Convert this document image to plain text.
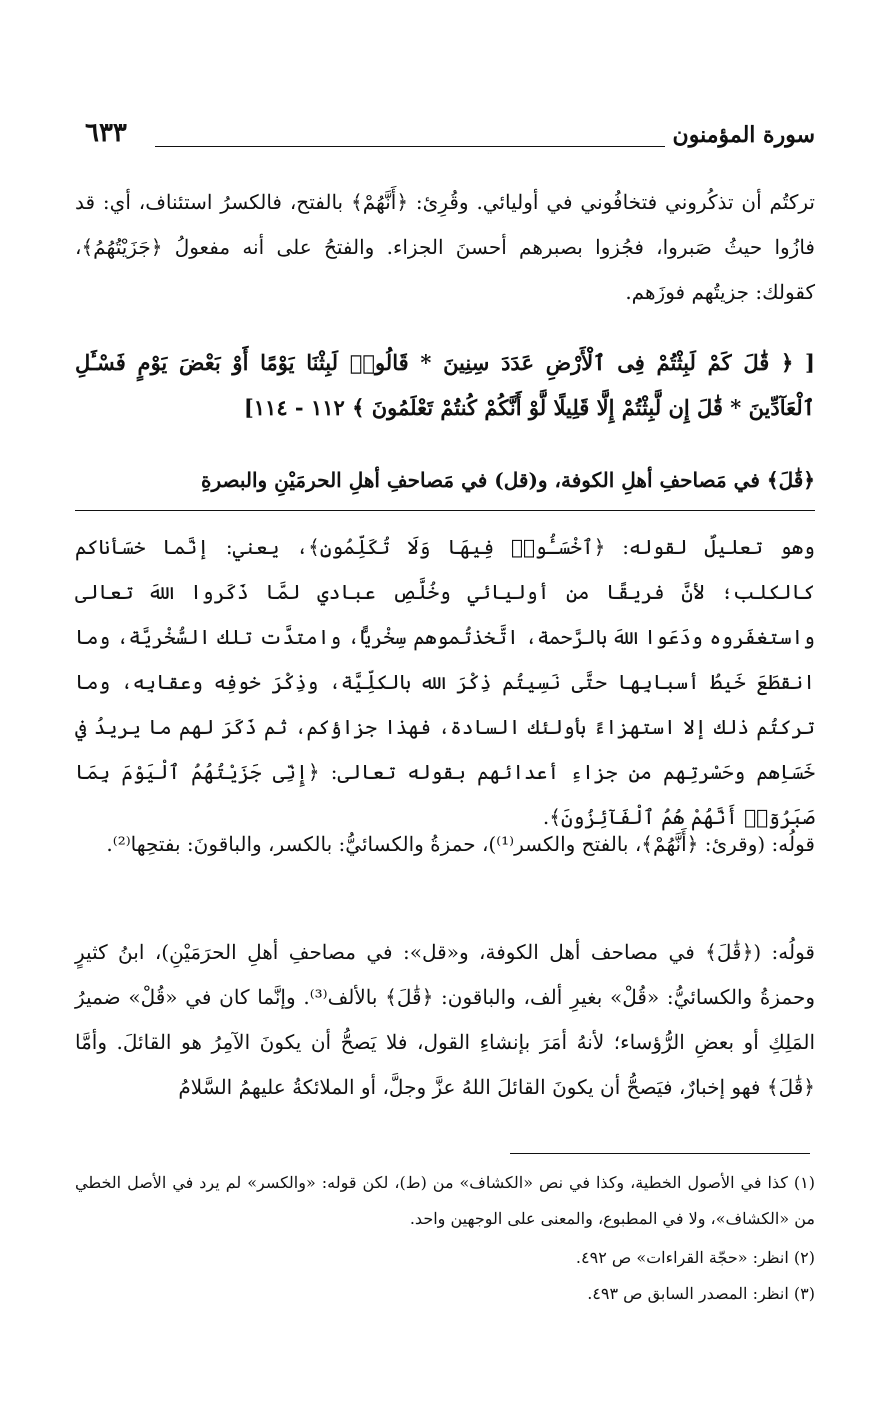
سورة المؤمنون
٦٣٣
تركتُم أن تذكُروني فتخافُوني في أوليائي. وقُرِئ: ﴿أَنَّهُمْ﴾ بالفتح، فالكسرُ استئناف، أي: قد فازُوا حيثُ صَبروا، فجُزوا بصبرهم أحسنَ الجزاء. والفتحُ على أنه مفعولُ ﴿جَزَيْتُهُمُ﴾، كقولك: جزيتُهم فوزَهم.
[ ﴿ قَٰلَ كَمْ لَبِثْتُمْ فِى ٱلْأَرْضِ عَدَدَ سِنِينَ * قَالُوا۟ لَبِثْنَا يَوْمًا أَوْ بَعْضَ يَوْمٍ فَسْـَٔلِ ٱلْعَآدِّينَ * قَٰلَ إِن لَّبِثْتُمْ إِلَّا قَلِيلًا لَّوْ أَنَّكُمْ كُنتُمْ تَعْلَمُونَ ﴾ ١١٢ - ١١٤]
﴿قَٰلَ﴾ في مَصاحفِ أهلِ الكوفة، و(قل) في مَصاحفِ أهلِ الحرمَيْنِ والبصرةِ
وهو تعليلٌ لقوله: ﴿ٱخْسَـُٔوا۟ فِيهَا وَلَا تُكَلِّمُونِ﴾، يعني: إنَّما خسَأناكم كالكلب؛ لأنَّ فريقًا من أوليائي وخُلَّصِ عبادي لمَّا ذَكَروا اللهَ تعالى واستغفَروه ودَعَوا اللهَ بالرَّحمة، اتَّخذتُموهم سِخْريًّا، وامتدَّت تلك السُّخْريَّة، وما انقطَعَ خَيطُ أسبابِها حتَّى نَسِيتُم ذِكْرَ الله بالكلِّيَّة، وذِكْرَ خوفِه وعقابِه، وما تركتُم ذلك إلا استهزاءً بأولئك السادة، فهذا جزاؤكم، ثم ذَكَرَ لهم ما يريدُ في خَسَاِهم وحَسْرتِهم من جزاءِ أعدائهم بقوله تعالى: ﴿إِنِّى جَزَيْتُهُمُ ٱلْيَوْمَ بِمَا صَبَرُوٓا۟ أَنَّهُمْ هُمُ ٱلْفَآئِزُونَ﴾.
قولُه: (وقرئ: ﴿أَنَّهُمْ﴾، بالفتح والكسر⁽¹⁾)، حمزةُ والكسائيُّ: بالكسر، والباقونَ: بفتحِها⁽²⁾.
قولُه: (﴿قَٰلَ﴾ في مصاحف أهل الكوفة، و«قل»: في مصاحفِ أهلِ الحرَمَيْنِ)، ابنُ كثيرٍ وحمزةُ والكسائيُّ: «قُلْ» بغيرِ ألف، والباقون: ﴿قَٰلَ﴾ بالألف⁽³⁾. وإنَّما كان في «قُلْ» ضميرُ المَلِكِ أو بعضِ الرُّؤساء؛ لأنهُ أمَرَ بإنشاءِ القول، فلا يَصحُّ أن يكونَ الآمِرُ هو القائلَ. وأمَّا ﴿قَٰلَ﴾ فهو إخبارٌ، فيَصحُّ أن يكونَ القائلَ اللهُ عزَّ وجلَّ، أو الملائكةُ عليهمُ السَّلامُ
(١) كذا في الأصول الخطية، وكذا في نص «الكشاف» من (ط)، لكن قوله: «والكسر» لم يرد في الأصل الخطي من «الكشاف»، ولا في المطبوع، والمعنى على الوجهين واحد.
(٢) انظر: «حجّة القراءات» ص ٤٩٢.
(٣) انظر: المصدر السابق ص ٤٩٣.
